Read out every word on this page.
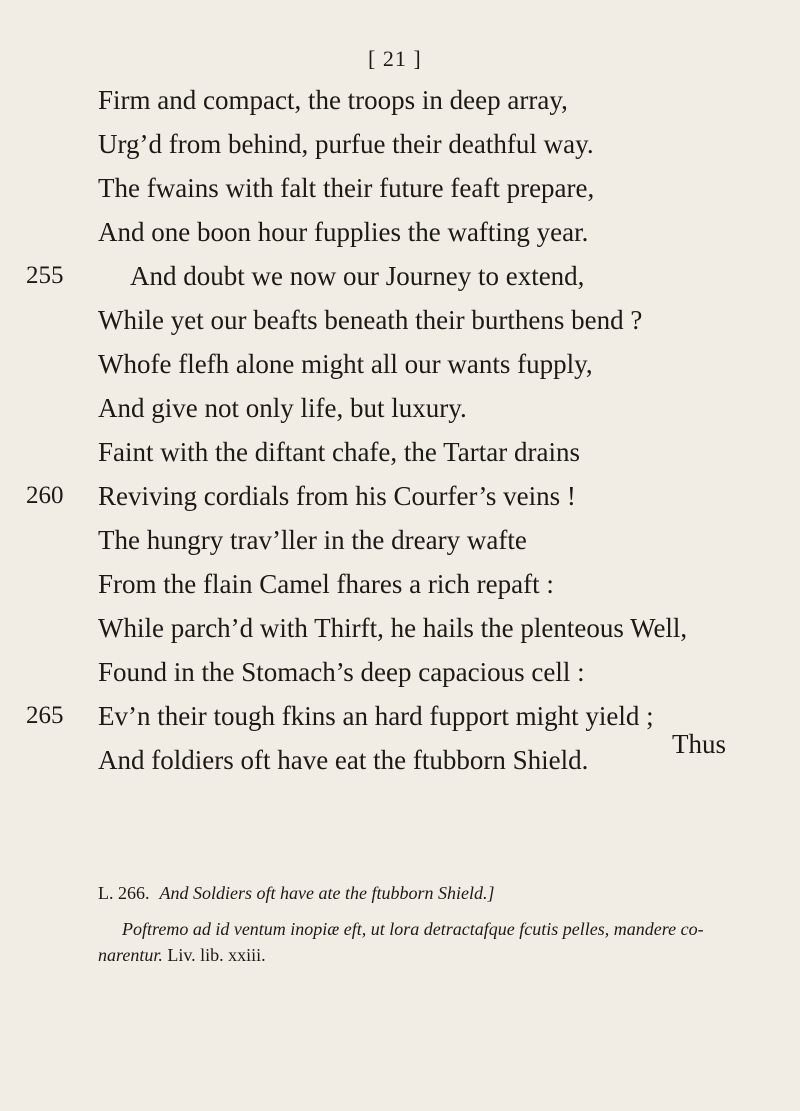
[ 21 ]
Firm and compact, the troops in deep array,
Urg’d from behind, purfue their deathful way.
The fwains with falt their future feaft prepare,
And one boon hour fupplies the wafting year.
255	And doubt we now our Journey to extend,
While yet our beafts beneath their burthens bend ?
Whofe flefh alone might all our wants fupply,
And give not only life, but luxury.
Faint with the diftant chafe, the Tartar drains
260	Reviving cordials from his Courfer’s veins !
The hungry trav’ller in the dreary wafte
From the flain Camel fhares a rich repaft :
While parch’d with Thirft, he hails the plenteous Well,
Found in the Stomach’s deep capacious cell :
265	Ev’n their tough fkins an hard fupport might yield ;
And foldiers oft have eat the ftubborn Shield.
Thus
L. 266. And Soldiers oft have ate the ftubborn Shield.]
Poftremo ad id ventum inopiæ eft, ut lora detractafque fcutis pelles, mandere co- narentur. Liv. lib. xxiii.
